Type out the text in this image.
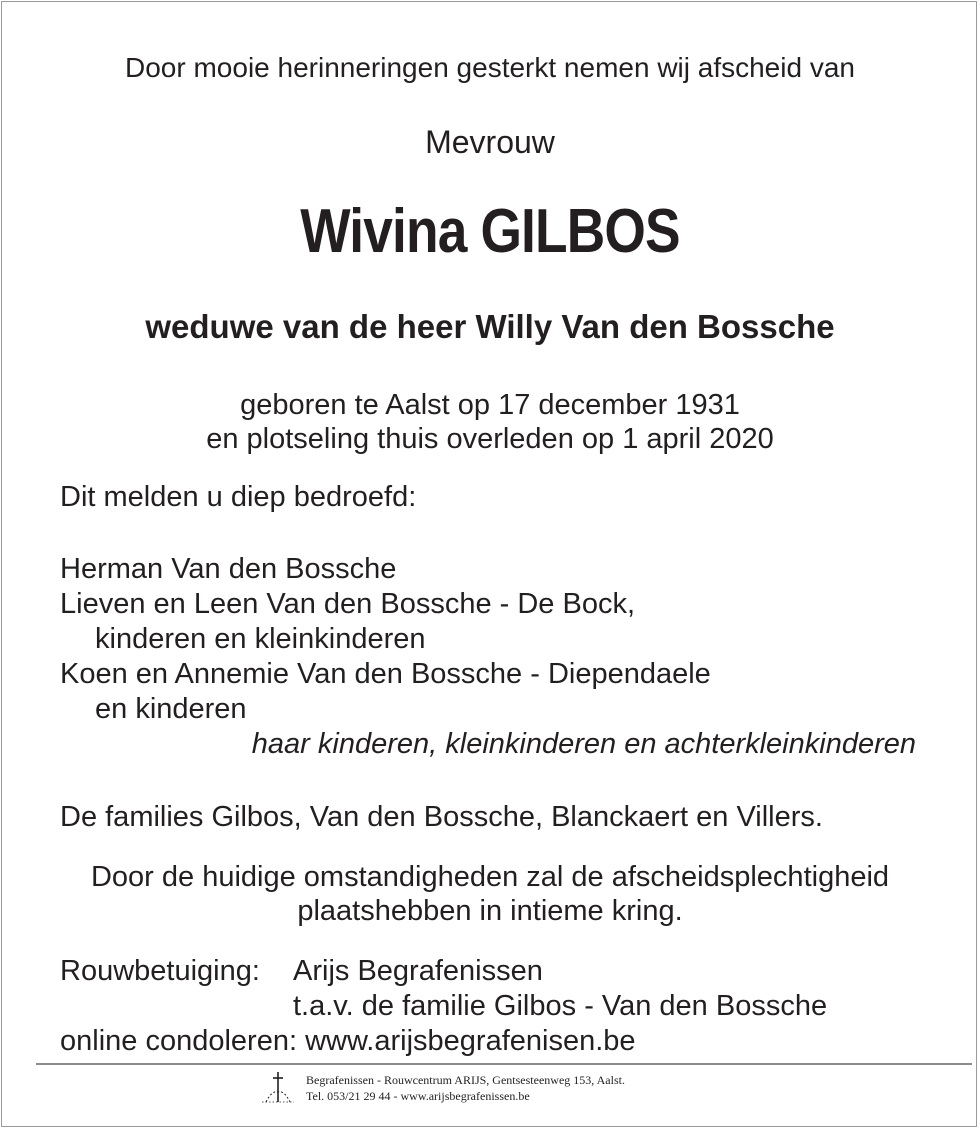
Door mooie herinneringen gesterkt nemen wij afscheid van
Mevrouw
Wivina GILBOS
weduwe van de heer Willy Van den Bossche
geboren te Aalst op 17 december 1931
en plotseling thuis overleden op 1 april 2020
Dit melden u diep bedroefd:
Herman Van den Bossche
Lieven en Leen Van den Bossche - De Bock,
kinderen en kleinkinderen
Koen en Annemie Van den Bossche - Diependaele
en kinderen
haar kinderen, kleinkinderen en achterkleinkinderen
De families Gilbos, Van den Bossche, Blanckaert en Villers.
Door de huidige omstandigheden zal de afscheidsplechtigheid
plaatshebben in intieme kring.
Rouwbetuiging: Arijs Begrafenissen
t.a.v. de familie Gilbos - Van den Bossche
online condoleren: www.arijsbegrafenisen.be
Begrafenissen - Rouwcentrum ARIJS, Gentsesteenweg 153, Aalst.
Tel. 053/21 29 44 - www.arijsbegrafenissen.be
